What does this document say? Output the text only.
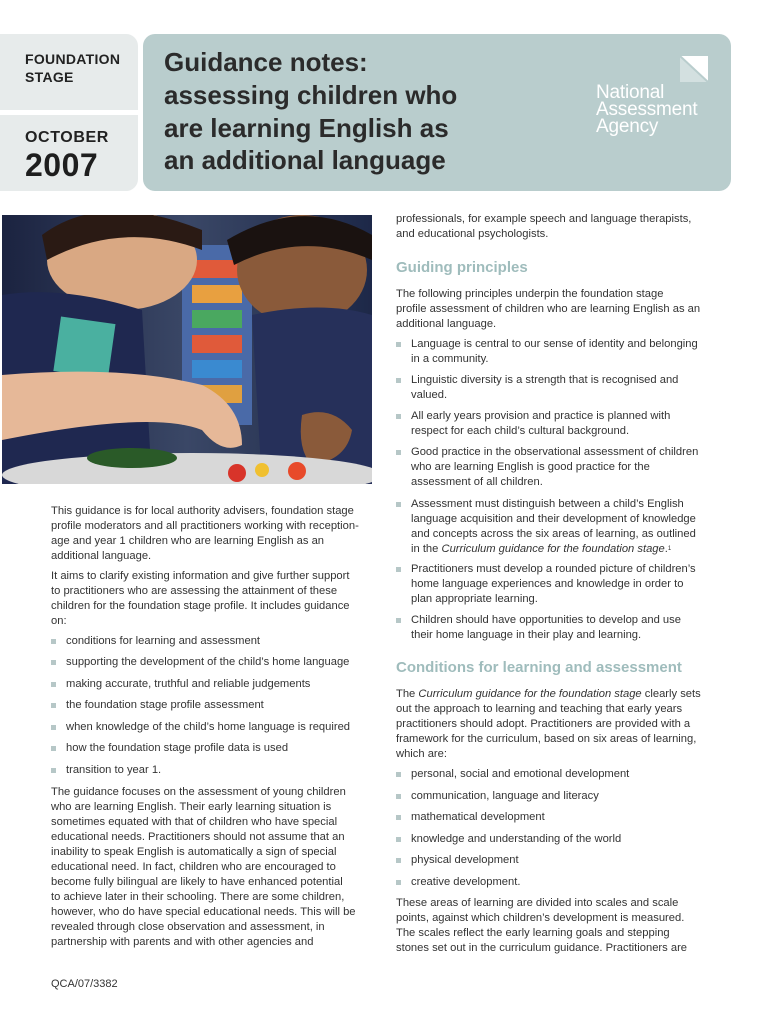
FOUNDATION
STAGE
OCTOBER
2007
Guidance notes:
assessing children who
are learning English as
an additional language
National
Assessment
Agency
This guidance is for local authority advisers, foundation stage
profile moderators and all practitioners working with reception-
age and year 1 children who are learning English as an
additional language.
It aims to clarify existing information and give further support
to practitioners who are assessing the attainment of these
children for the foundation stage profile. It includes guidance
on:
conditions for learning and assessment
supporting the development of the child’s home language
making accurate, truthful and reliable judgements
the foundation stage profile assessment
when knowledge of the child’s home language is required
how the foundation stage profile data is used
transition to year 1.
The guidance focuses on the assessment of young children
who are learning English. Their early learning situation is
sometimes equated with that of children who have special
educational needs. Practitioners should not assume that an
inability to speak English is automatically a sign of special
educational need. In fact, children who are encouraged to
become fully bilingual are likely to have enhanced potential
to achieve later in their schooling. There are some children,
however, who do have special educational needs. This will be
revealed through close observation and assessment, in
partnership with parents and with other agencies and
professionals, for example speech and language therapists,
and educational psychologists.
Guiding principles
The following principles underpin the foundation stage
profile assessment of children who are learning English as an
additional language.
Language is central to our sense of identity and belonging
in a community.
Linguistic diversity is a strength that is recognised and
valued.
All early years provision and practice is planned with
respect for each child’s cultural background.
Good practice in the observational assessment of children
who are learning English is good practice for the
assessment of all children.
Assessment must distinguish between a child’s English
language acquisition and their development of knowledge
and concepts across the six areas of learning, as outlined
in the Curriculum guidance for the foundation stage.$^1$
Practitioners must develop a rounded picture of children’s
home language experiences and knowledge in order to
plan appropriate learning.
Children should have opportunities to develop and use
their home language in their play and learning.
Conditions for learning and assessment
The Curriculum guidance for the foundation stage clearly sets
out the approach to learning and teaching that early years
practitioners should adopt. Practitioners are provided with a
framework for the curriculum, based on six areas of learning,
which are:
personal, social and emotional development
communication, language and literacy
mathematical development
knowledge and understanding of the world
physical development
creative development.
These areas of learning are divided into scales and scale
points, against which children’s development is measured.
The scales reflect the early learning goals and stepping
stones set out in the curriculum guidance. Practitioners are
QCA/07/3382
